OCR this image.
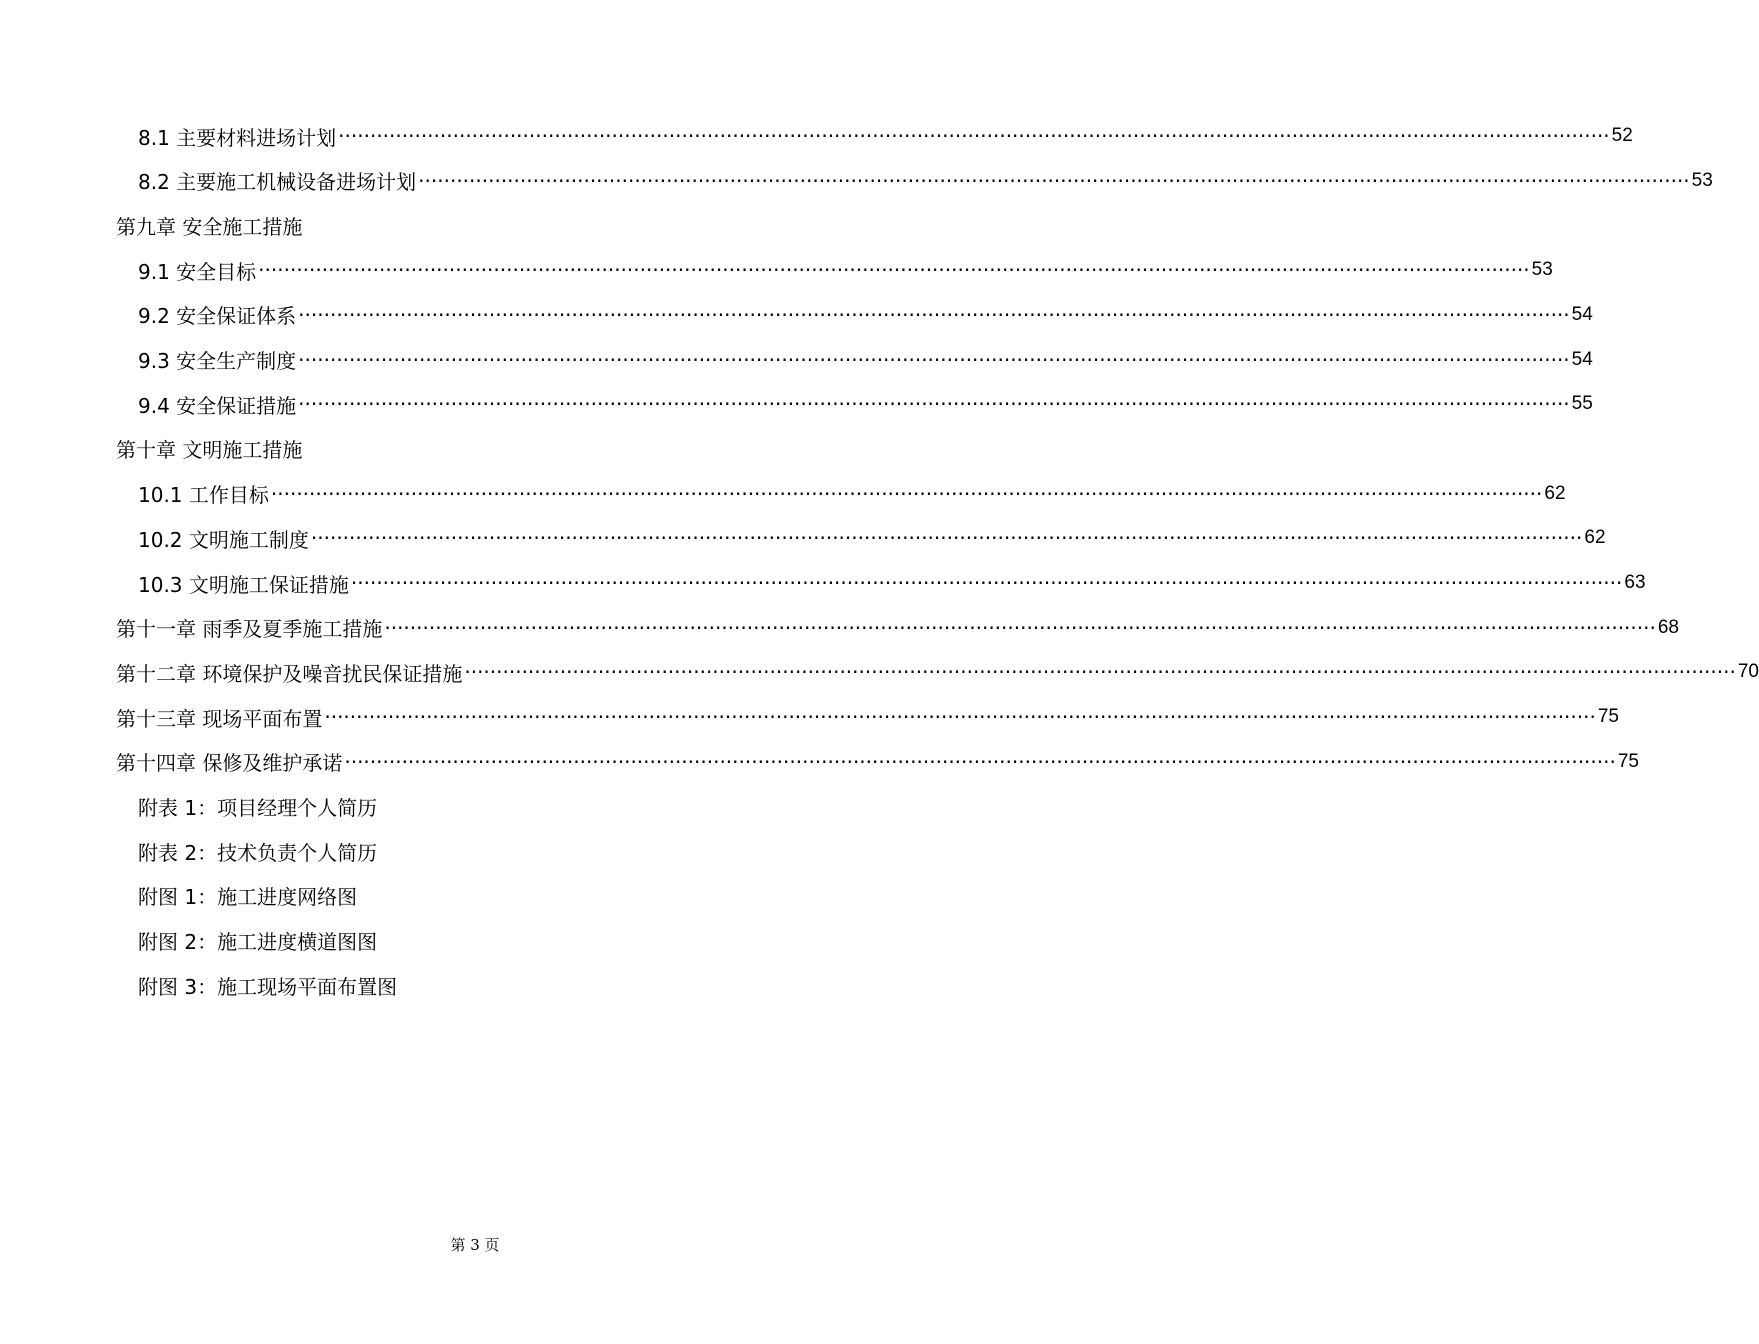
8.1 主要材料进场计划 ········································································································································································································ 52
8.2 主要施工机械设备进场计划 ········································································································································································································ 53
第九章 安全施工措施
9.1 安全目标 ········································································································································································································ 53
9.2 安全保证体系 ········································································································································································································ 54
9.3 安全生产制度 ········································································································································································································ 54
9.4 安全保证措施 ········································································································································································································ 55
第十章 文明施工措施
10.1 工作目标 ········································································································································································································ 62
10.2 文明施工制度 ········································································································································································································ 62
10.3 文明施工保证措施 ········································································································································································································ 63
第十一章 雨季及夏季施工措施 ········································································································································································································ 68
第十二章 环境保护及噪音扰民保证措施 ········································································································································································································ 70
第十三章 现场平面布置 ········································································································································································································ 75
第十四章 保修及维护承诺 ········································································································································································································ 75
附表 1：项目经理个人简历
附表 2：技术负责个人简历
附图 1：施工进度网络图
附图 2：施工进度横道图图
附图 3：施工现场平面布置图
第 3 页
